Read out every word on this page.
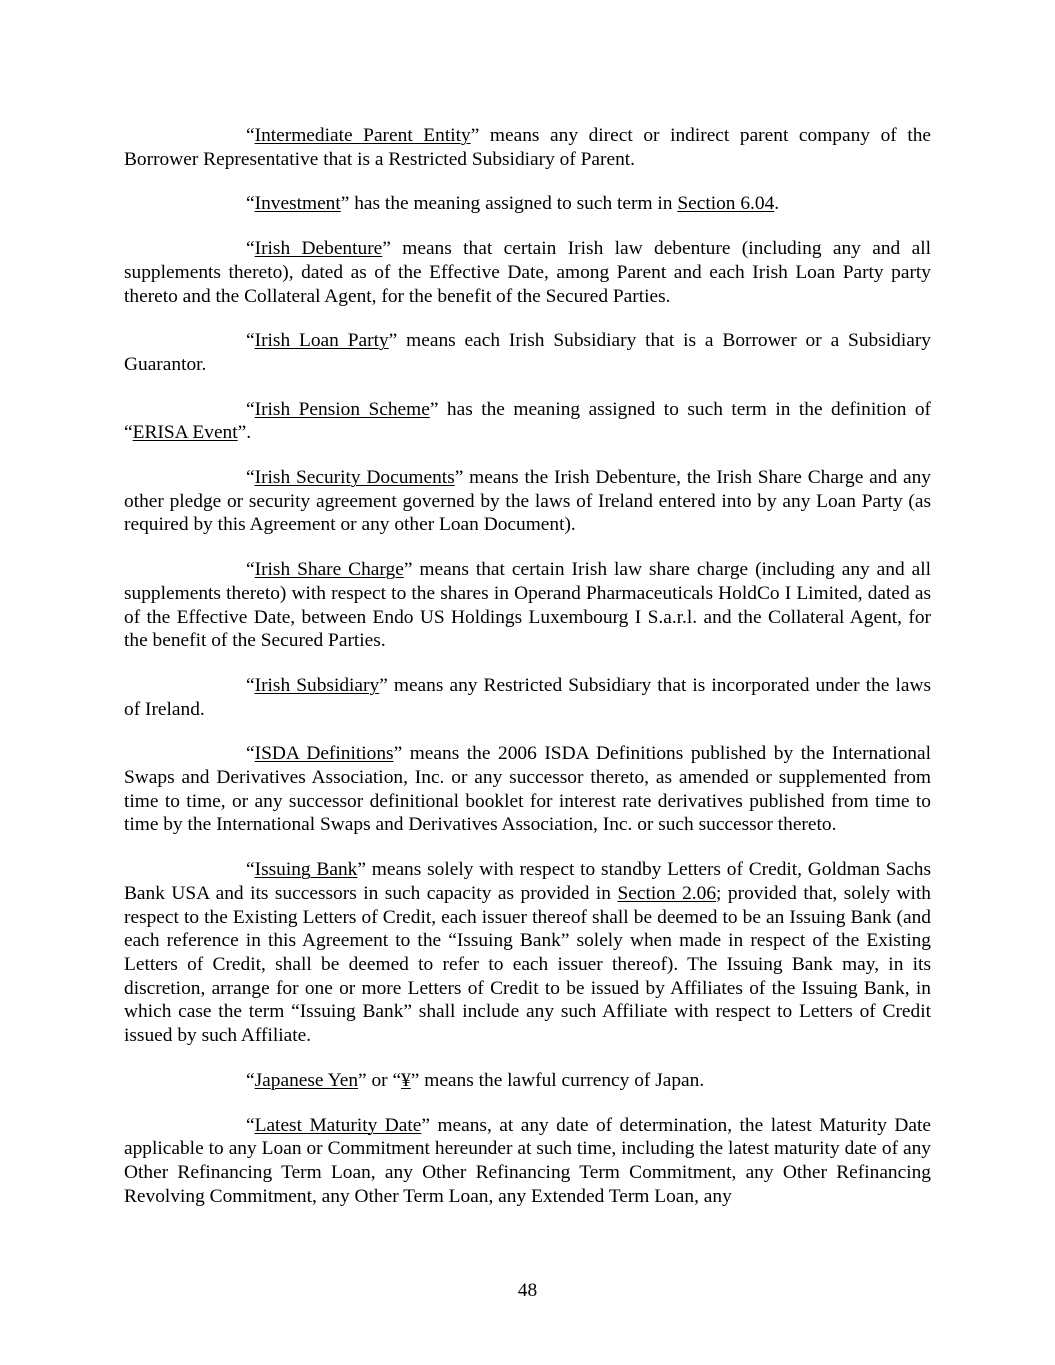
“Intermediate Parent Entity” means any direct or indirect parent company of the Borrower Representative that is a Restricted Subsidiary of Parent.

“Investment” has the meaning assigned to such term in Section 6.04.

“Irish Debenture” means that certain Irish law debenture (including any and all supplements thereto), dated as of the Effective Date, among Parent and each Irish Loan Party party thereto and the Collateral Agent, for the benefit of the Secured Parties.

“Irish Loan Party” means each Irish Subsidiary that is a Borrower or a Subsidiary Guarantor.

“Irish Pension Scheme” has the meaning assigned to such term in the definition of “ERISA Event”.

“Irish Security Documents” means the Irish Debenture, the Irish Share Charge and any other pledge or security agreement governed by the laws of Ireland entered into by any Loan Party (as required by this Agreement or any other Loan Document).

“Irish Share Charge” means that certain Irish law share charge (including any and all supplements thereto) with respect to the shares in Operand Pharmaceuticals HoldCo I Limited, dated as of the Effective Date, between Endo US Holdings Luxembourg I S.a.r.l. and the Collateral Agent, for the benefit of the Secured Parties.

“Irish Subsidiary” means any Restricted Subsidiary that is incorporated under the laws of Ireland.

“ISDA Definitions” means the 2006 ISDA Definitions published by the International Swaps and Derivatives Association, Inc. or any successor thereto, as amended or supplemented from time to time, or any successor definitional booklet for interest rate derivatives published from time to time by the International Swaps and Derivatives Association, Inc. or such successor thereto.

“Issuing Bank” means solely with respect to standby Letters of Credit, Goldman Sachs Bank USA and its successors in such capacity as provided in Section 2.06; provided that, solely with respect to the Existing Letters of Credit, each issuer thereof shall be deemed to be an Issuing Bank (and each reference in this Agreement to the “Issuing Bank” solely when made in respect of the Existing Letters of Credit, shall be deemed to refer to each issuer thereof). The Issuing Bank may, in its discretion, arrange for one or more Letters of Credit to be issued by Affiliates of the Issuing Bank, in which case the term “Issuing Bank” shall include any such Affiliate with respect to Letters of Credit issued by such Affiliate.

“Japanese Yen” or “¥” means the lawful currency of Japan.

“Latest Maturity Date” means, at any date of determination, the latest Maturity Date applicable to any Loan or Commitment hereunder at such time, including the latest maturity date of any Other Refinancing Term Loan, any Other Refinancing Term Commitment, any Other Refinancing Revolving Commitment, any Other Term Loan, any Extended Term Loan, any

48
